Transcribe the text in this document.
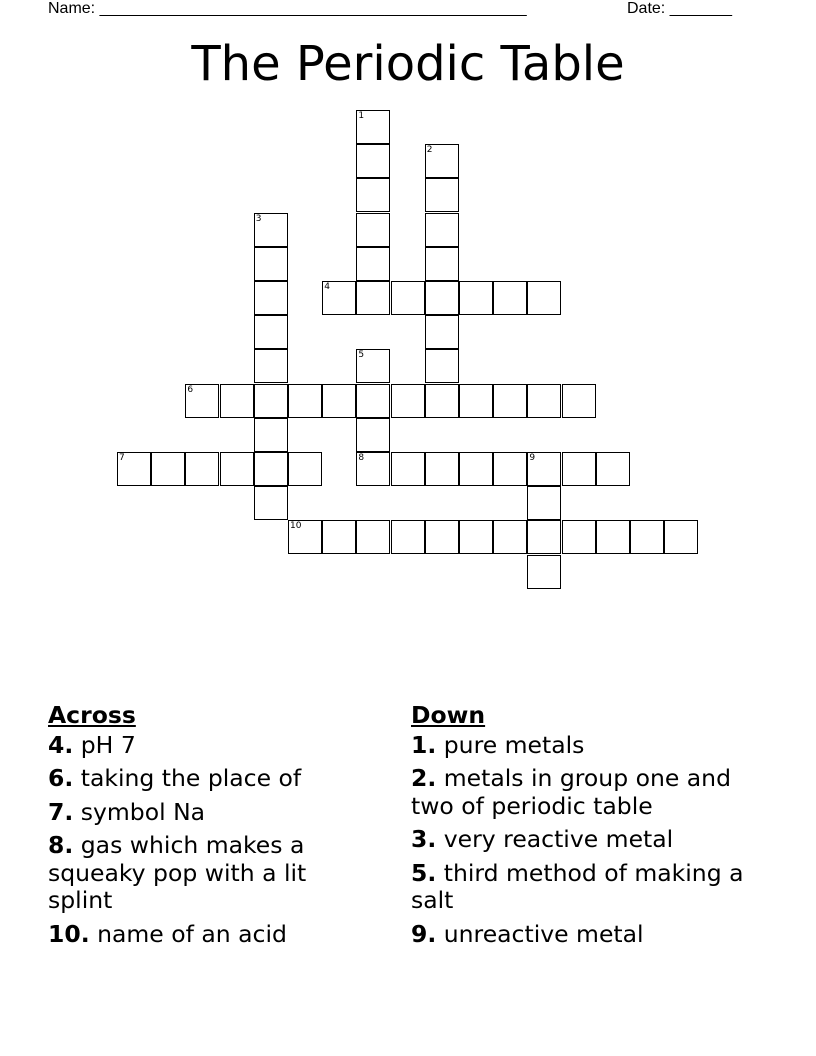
Name: ________________________________________________	Date: _______
The Periodic Table
1
2
3
4
5
8
6
7	9
10
Across
4. pH 7
6. taking the place of
7. symbol Na
8. gas which makes a squeaky pop with a lit splint
10. name of an acid
Down
1. pure metals
2. metals in group one and two of periodic table
3. very reactive metal
5. third method of making a salt
9. unreactive metal
